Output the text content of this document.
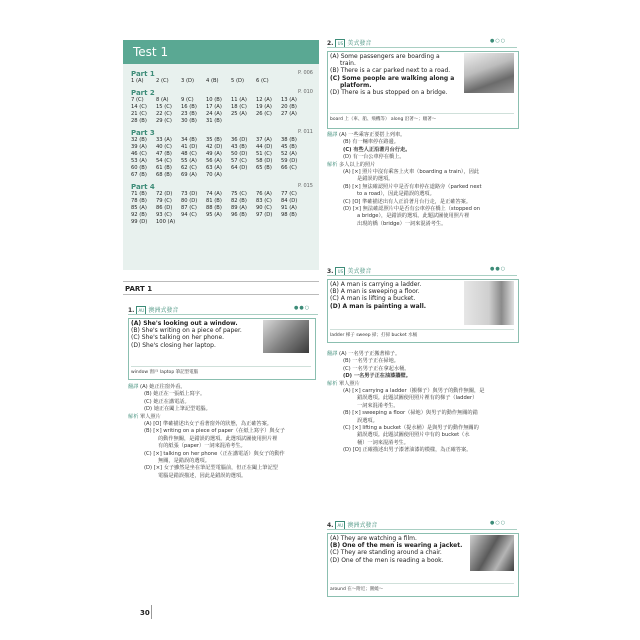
Test 1
Part 1	P. 006
1 (A) 2 (C) 3 (D) 4 (B) 5 (D) 6 (C)
Part 2	P. 010
7 (C) 8 (A) 9 (C) 10 (B) 11 (A) 12 (A) 13 (A)
14 (C) 15 (C) 16 (B) 17 (A) 18 (C) 19 (A) 20 (B)
21 (C) 22 (C) 23 (B) 24 (A) 25 (A) 26 (C) 27 (A)
28 (B) 29 (C) 30 (B) 31 (B)
Part 3	P. 011
32 (B) 33 (A) 34 (B) 35 (B) 36 (D) 37 (A) 38 (B)
39 (A) 40 (C) 41 (D) 42 (D) 43 (B) 44 (D) 45 (B)
46 (C) 47 (B) 48 (C) 49 (A) 50 (D) 51 (C) 52 (A)
53 (A) 54 (C) 55 (A) 56 (A) 57 (C) 58 (D) 59 (D)
60 (B) 61 (B) 62 (C) 63 (A) 64 (D) 65 (B) 66 (C)
67 (B) 68 (B) 69 (A) 70 (A)
Part 4	P. 015
71 (B) 72 (D) 73 (D) 74 (A) 75 (C) 76 (A) 77 (C)
78 (B) 79 (C) 80 (D) 81 (B) 82 (B) 83 (C) 84 (D)
85 (A) 86 (D) 87 (C) 88 (B) 89 (A) 90 (C) 91 (A)
92 (B) 93 (C) 94 (C) 95 (A) 96 (B) 97 (D) 98 (B)
99 (D) 100 (A)
PART 1
1. AU 澳洲式發音	●●○
(A) She's looking out a window.
(B) She's writing on a piece of paper.
(C) She's talking on her phone.
(D) She's closing her laptop.
window 窗戶 laptop 筆記型電腦
翻譯 (A) 她正往窗外看。
(B) 她正在一張紙上寫字。
(C) 她正在講電話。
(D) 她正在闔上筆記型電腦。
解析 單人照片
(A) [O] 準確描述出女子看著窗外的狀態，為正確答案。
(B) [×] writing on a piece of paper（在紙上寫字）與女子
的動作無關，是錯誤的選項。此選項試圖使用照片裡
有的紙張（paper）一詞來混淆考生。
(C) [×] talking on her phone（正在講電話）與女子的動作
無關，是錯誤的選項。
(D) [×] 女子雖然是坐在筆記型電腦前，但正在闔上筆記型
電腦是錯誤描述，因此是錯誤的選項。
2. US 美式發音	●○○
(A) Some passengers are boarding a
train.
(B) There is a car parked next to a road.
(C) Some people are walking along a
platform.
(D) There is a bus stopped on a bridge.
board 上（車、船、飛機等） along 沿著～；順著～
翻譯 (A) 一些乘客正要搭上列車。
(B) 有一輛車停在路邊。
(C) 有些人正沿著月台行走。
(D) 有一台公車停在橋上。
解析 多人以上的照片
(A) [×] 照片中沒有乘客上火車（boarding a train），因此
是錯誤的選項。
(B) [×] 無法確認照片中是否有車停在道路旁（parked next
to a road），因此是錯誤的選項。
(C) [O] 準確描述出有人正沿著月台行走，是正確答案。
(D) [×] 無法確認照片中是否有公車停在橋上（stopped on
a bridge），是錯誤的選項。此題試圖使用照片裡
出現的橋（bridge）一詞來混淆考生。
3. US 美式發音	●●○
(A) A man is carrying a ladder.
(B) A man is sweeping a floor.
(C) A man is lifting a bucket.
(D) A man is painting a wall.
ladder 梯子 sweep 掃；打掃 bucket 水桶
翻譯 (A) 一名男子正搬著梯子。
(B) 一名男子正在掃地。
(C) 一名男子正在拿起水桶。
(D) 一名男子正在油漆牆壁。
解析 單人照片
(A) [×] carrying a ladder（搬梯子）與男子的動作無關，是
錯誤選項。此題試圖使用照片裡有的梯子（ladder）
一詞來混淆考生。
(B) [×] sweeping a floor（掃地）與男子的動作無關的錯
誤選項。
(C) [×] lifting a bucket（提水桶）是與男子的動作無關的
錯誤選項。此題試圖使用照片中有的 bucket（水
桶）一詞來混淆考生。
(D) [O] 正確描述出男子漆著油漆的模樣，為正確答案。
4. AU 澳洲式發音	●○○
(A) They are watching a film.
(B) One of the men is wearing a jacket.
(C) They are standing around a chair.
(D) One of the men is reading a book.
around 在～附近；圍繞～
30
